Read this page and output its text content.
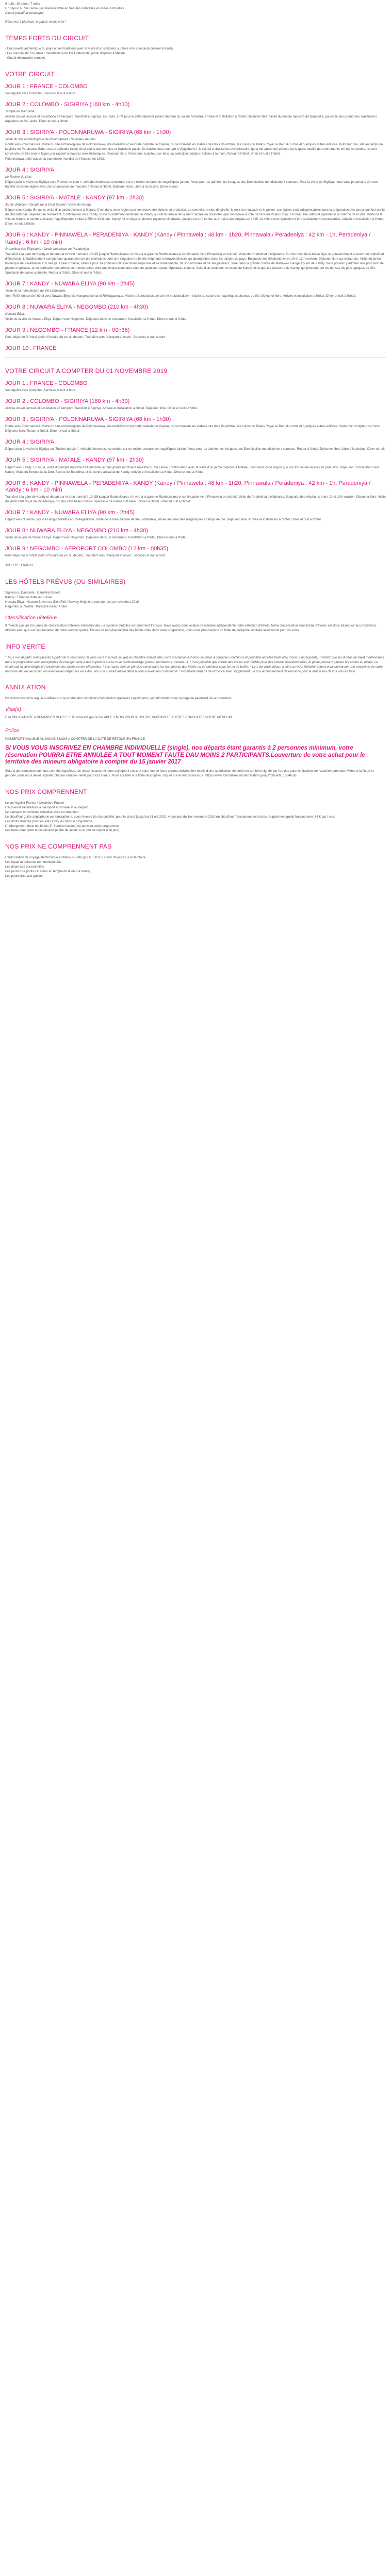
9 nuits, 10 jours / 7 nuits

Un séjour au Sri Lanka, un itinéraire riche en beautés naturelles et visites culturelles.

Circuit privatif accompagné.

Réservez à plusieurs et payez moins cher !

TEMPS FORTS DU CIRCUIT
- Découverte authentique du pays et ses traditions avec la visite d'un sculpteur sur bois et le spectacle culturel à Kandy
- Les sources du Sri Lanka : manufacture de thé Liddesdale, jardin d'épices à Matale
- Circuit découverte complet
VOTRE CIRCUIT
JOUR 1 : FRANCE - COLOMBO

Vol régulier vers Colombo. Services et nuit à bord.

JOUR 2 : COLOMBO - SIGIRIYA (180 km - 4h30)

Temple de Dambulla.

Arrivée du vol, accueil et assistance à l'aéroport. Transfert à Sigiriya. En route, arrêt pour le petit-déjeuner (selon l'horaire du vol de l'arrivée). Arrivée et installation à l'hôtel. Déjeuner libre. Visite du temple rupestre de Dambulla, qui est le plus grand des sanctuaires rupestres du Sri Lanka. Dîner et nuit à l'hôtel.

JOUR 3 : SIGIRIYA - POLONNARUWA - SIGIRIYA (68 km - 1h30)

Visite du site archéologique de Polonnaruwa / Sculpteur de bois.

Route vers Polonnaruwa. Visite du site archéologique de Polonnaruwa, site médiéval et seconde capitale de Ceylan, où se trouvent les statues des trois Bouddhas, les ruines du Palais Royal, le Bain du Lotus et quelques autres édifices. Polonnaruwa, site au temps de la gloire de Parakrama Bahu, est un véritable trésor de la plaine des temples et d'anciens palais. Ils doivent tous une part à Vijayabahu I, le roi qui a chassé les envahisseurs, qui a été aussi une période où la quasi-totalité des monuments ont été construits. Ils sont conservés de très bonne façon, par rapport à d'autres sites historiques. Déjeuner libre. Visite d'un sculpteur sur bois, sa collection d'objets réalisés à la main. Retour à l'hôtel. Dîner et nuit à l'hôtel.

Polonnaruwa a été classé au patrimoine mondial de l'Unesco en 1982.

JOUR 4 : SIGIRIYA

Le Rocher du Lion.

Départ pour la visite de Sigiriya ou « Rocher du Lion », véritable forteresse construite sur un rocher entouré de magnifiques jardins. Vous pourrez admirer les fresques des Demoiselles mondialement connues. Pour la visite de Sigiriya, nous vous proposons de vous habiller en tenue légère avec des chaussures de marches ! Retour à l'hôtel. Déjeuner libre. Libre à la piscine. Dîner et nuit.

JOUR 5 : SIGIRIYA - MATALE - KANDY (97 km - 2h30)

Jardin d'épices / Temple de la Dent Sacrée / Visite de Kandy.

Départ vers Kandy. En route, visite d'un jardin d'épices à Matale. C'est dans cette région que l'on trouve des épices en profusion. La cannelle, le clou de girofle, la noix de muscade et le poivre, ces épices sont indispensables dans la préparation des currys qui font partie du plat national. Déjeuner au restaurant. Continuation vers Kandy. Visite du bâtiment dominant de Kandy qui est le temple de la Dent Sacrée de Bouddha, que l'on trouve à côté de l'ancien Palais Royal. Un beau lieu artificiel agrémente le charme de la ville. Visite de la ville de Kandy, le centre artisanal, magnifiquement situé à 550 m d'altitude. Kandy fut le siège du dernier royaume cinghalais, jusqu'à ce qu'il tombe aux mains des Anglais en 1815. La ville a une réputation d'être socialement conservatrice. Arrivée et installation à l'hôtel. Dîner et nuit à l'hôtel.

JOUR 6 : KANDY - PINNAWELA - PERADENIYA - KANDY (Kandy / Pinnawela : 48 km - 1h20, Pinnawala / Peradeniya : 42 km - 1h, Peradeniya / Kandy : 6 km - 10 min)

Orphelinat des Éléphants / Jardin botanique de Peradeniya.

Transfert à la gare de Kandy et départ par le train normal à 10h25 jusqu'à Rambukkana. Arrivée à la gare de Rambukkana et continuation vers Pinnawela en tuk tuk. Visite de l'orphelinat d'éléphants. Sur les rives de la Maya Oya, le gouvernement a ouvert un orphelinat d'éléphants. L'établissement compte une quarantaine de pensionnaires dont une vingtaine de bébés éléphants retrouvés blessés ou abandonnés dans les jungles du pays. Baignade des éléphants entre 10 et 13 h environ. Déjeuner libre au restaurant. Visite du jardin botanique de Peradeniya, l'un des plus beaux d'Asie, célèbre pour sa profusion de spécimens tropicaux et sa remarquable, de son orchidée et de ses palmiers, situé dans la grande courbe de Mahaweli Ganga à 5 km de Kandy. Vous pourrez y admirer une profusion de plantes tropicales, et en particulier des arbres du monde entier, dont une impressionnante allée de palmiers royaux. Spectacle culturel, visite d'un sculpteur de tissus de Kandy, ainsi que les danseurs de Kandy, qui présenteront les danses les plus typiques de l'île. Spectacle de danse culturelle. Retour à l'hôtel. Dîner et nuit à l'hôtel.

JOUR 7 : KANDY - NUWARA ELIYA (90 km - 2h45)

Visite de la manufacture de thé Liddesdale.

Vers 7h00, départ de l'hôtel vers Nuwara Eliya via Hanguranketha et Rikillagaskada. Visite de la manufacture de thé « Liddesdale », située au cœur des magnifiques champs de thé. Déjeuner libre. Arrivée et installation à l'hôtel. Dîner et nuit à l'hôtel.

JOUR 8 : NUWARA ELIYA - NEGOMBO (210 km - 4h30)

Nuwara Eliya.

Visite de la ville de Nuwara Eliya. Départ vers Negombo. Déjeuner dans un restaurant. Installation à l'hôtel. Dîner et nuit à l'hôtel.

JOUR 9 : NEGOMBO - FRANCE (12 km - 00h35)

Petit-déjeuner à l'hôtel (selon l'horaire du vol du départ). Transfert vers l'aéroport et envol . Services et nuit à bord.

JOUR 10 : FRANCE
VOTRE CIRCUIT A COMPTER DU 01 NOVEMBRE 2019
JOUR 1 : FRANCE - COLOMBO

Vol régulier vers Colombo. Services et nuit à bord.

JOUR 2 : COLOMBO - SIGIRIYA (180 km - 4h30)

Arrivée du vol, accueil et assistance à l'aéroport. Transfert à Sigiriya. Arrivée et installation à l'hôtel. Déjeuner libre. Dîner et nuit à l'hôtel.

JOUR 3 : SIGIRIYA - POLONNARUWA - SIGIRIYA (68 km - 1h30)

Route vers Polonnaruwa. Visite du site archéologique de Polonnaruwa, site médiéval et seconde capitale de Ceylan, où se trouvent les statues des trois Bouddhas, les ruines du Palais Royal, le Bain du Lotus et quelques autres édifices. Visite d'un sculpteur sur bois. Déjeuner libre. Retour à l'hôtel. Dîner et nuit à l'hôtel.

JOUR 4 : SIGIRIYA

Départ pour la visite de Sigiriya ou "Rocher du Lion", véritable forteresse construite sur un rocher entouré de magnifiques jardins. Vous pourrez admirer les fresques des Demoiselles mondialement connues. Retour à l'hôtel. Déjeuner libre. Libre à la piscine. Dîner et nuit.

JOUR 5 : SIGIRIYA - MATALE - KANDY (97 km - 2h30)

Départ vers Kandy. En route, visite du temple rupestre de Dambulla, le plus grand sanctuaire rupestre du Sri Lanka. Continuation avec la visite d'un jardin d'épices à Matale. C'est dans cette région que l'on trouve des épices en profusion. Déjeuner. Continuation vers Kandy. Visite du Temple de la Dent Sacrée de Bouddha, et du centre artisanal de Kandy. Arrivée et installation à l'hôtel. Dîner et nuit à l'hôtel.

JOUR 6 : KANDY - PINNAWELA - PERADENIYA - KANDY (Kandy / Pinnawela : 48 km - 1h20, Pinnawala / Peradeniya : 42 km - 1h, Peradeniya / Kandy : 6 km - 10 min)

Transfert à la gare de Kandy et départ par le train normal à 10h25 jusqu'à Rambukkana. Arrivée à la gare de Rambukkana et continuation vers Pinnawela en tuk tuk. Visite de l'orphelinat d'éléphants. Baignade des éléphants entre 10 et 13 h environ. Déjeuner libre. Visite du jardin botanique de Peradeniya, l'un des plus beaux d'Asie. Spectacle de danse culturelle. Retour à l'hôtel. Dîner et nuit à l'hôtel.

JOUR 7 : KANDY - NUWARA ELIYA (90 km - 2h45)

Départ vers Nuwara Eliya via Hanguranketha et Rikillagaskada. Visite de la manufacture de thé Liddesdale, située au cœur des magnifiques champs de thé. Déjeuner libre. Arrivée et installation à l'hôtel. Dîner et nuit à l'hôtel.

JOUR 8 : NUWARA ELIYA - NEGOMBO (210 km - 4h30)

Visite de la ville de Nuwara Eliya. Départ vers Negombo. Déjeuner dans un restaurant. Installation à l'hôtel. Dîner et nuit à l'hôtel.

JOUR 9 : NEGOMBO - AEROPORT COLOMBO (12 km - 00h35)

Petit-déjeuner à l'hôtel (selon l'horaire du vol du départ). Transfert vers l'aéroport et envol . Services et nuit à bord.

JOUR 10 : FRANCE

LES HÔTELS PRÉVUS (OU SIMILAIRES)
Sigiriya ou Dambulla : Camellia Resort
Kandy : Thilanka Hotel ou Suisse
Nuwara Eliya : Heaven Seven ou Glen Fall / Galway Heights à compter du 1er novembre 2019
Negombo ou Wattal : Paradise Beach Hotel
Classification hôtelière

Il n'existe pas au Sri Lanka de classification hôtelière internationale. Le système d'étoiles est purement français. Nous avons donc évalué de manière indépendante notre sélection d'hôtels. Notre classification sous forme d'étoiles est donc basée sur les prestations offertes ainsi que sur l'appréciation de notre service qualité. En cas de non-disponibilité des hôtels cités dans votre programme, nous vous proposerons un hôtel de catégorie similaire sélectionné par nos soins.

INFO VERITÉ

* Tous nos départs sont garantis à partir de 2 personnes (si vous vous inscrivez seul(e) en chambre individuelle, votre inscription est donc soumise à certaines conditions et peut être annulée faute d'au moins 2 participants). * Notez que les durées de trajet mentionnées dans le programme sont susceptibles de changer suite à des imprévus sur la route (embouteillage, pluies, inondations, travaux...). * Il est possible que l'ordre des visites soit modifié pour des raisons opérationnelles, le guide pourra organiser les visites au mieux. Le circuit suit la chronologie et l'ensemble des visites seront effectuées. * Les repas sont en principe servis dans les restaurants des hôtels ou à l'extérieur sous forme de buffet. * Lors de votre séjour, à votre arrivée, l'hôtelier pourra vous demander une empreinte de carte bancaire afin de sécuriser vos éventuelles dépenses en extra. Vous ne subirez aucun débit si vous n'avez rien consommé. * Possibilité départs de Province avec supplément. Le prix acheminement de Province pour la réalisation de vos vols en train.

ANNULATION

En raison des coûts réguliers affiliés sur ce produit des conditions d'annulation spéciales s'appliquent, voir informations sur la page de paiement de la prestation.

Visa(s)

ETA OBLIGATOIRE A DEMANDER SUR LE SITE www.eta.gov.lk VALABLE 3 MOIS POUR 30 JOURS, VACCINS ET AUTRES CONSULTEZ VOTRE MEDECIN

Police

PASSEPORT VALABLE AU MOINS 6 MOIS A COMPTER DE LA DATE DE RETOUR EN FRANCE

SI VOUS VOUS INSCRIVEZ EN CHAMBRE INDIVIDUELLE (single), nos départs étant garantis à 2 personnes minimum, votre réservation POURRA ETRE ANNULEE A TOUT MOMENT FAUTE DAU MOINS 2 PARTICIPANTS.Louverture de votre achat pour le territoire des mineurs obligatoire à compter du 15 janvier 2017

Suite à des situations qui nous sont été signalées, les ressortissants mineurs voyageant seuls et sans l'un de leurs parents doivent être munis d'une autorisation de sortie du territoire signée par l'un des parents titulaires de l'autorité parentale. Même à la fin de la période, vous nous devez signaler chaque situation réelle pour tout mineur. Pour accéder à la fiche descriptive, cliquer sur le lien ci-dessous : https://www.formulaires.modernisation.gouv.fr/gf/cerfa_15646.do

NOS PRIX COMPRENNENT
Le vol régulier France / Colombo / France
L'accueil et l'assistance à l'aéroport à l'arrivée et au départ
Le transport en véhicule climatisé avec un chauffeur
Le chauffeur guide anglophone ou francophone, sous réserve de disponibilité, pour le circuit (jusqu'au 31 oct 2019. A compter du 1er novembre 2019 un chauffeur francophone est inclus. Supplément guide francophone: 34 € par / sec.
Les droits d'entrée pour les sites indiqués dans le programme
L'hébergement dans les hôtels 3*, l'entrée locales) en pension selon programme
Les taxes d'aéroport et de sécurité (à titre de séjour à ce jour de séjour à ce jour)
NOS PRIX NE COMPRENNENT PAS
L'autorisation de voyage électronique à obtenir sur eta.gov.lk : 50 USD pour 30 jours sur le territoire
Les repas et boissons non mentionnées
Les dépenses personnelles
Les permis de photos et vidéo au temple de la dent à Kandy
Les pourboires aux guides
